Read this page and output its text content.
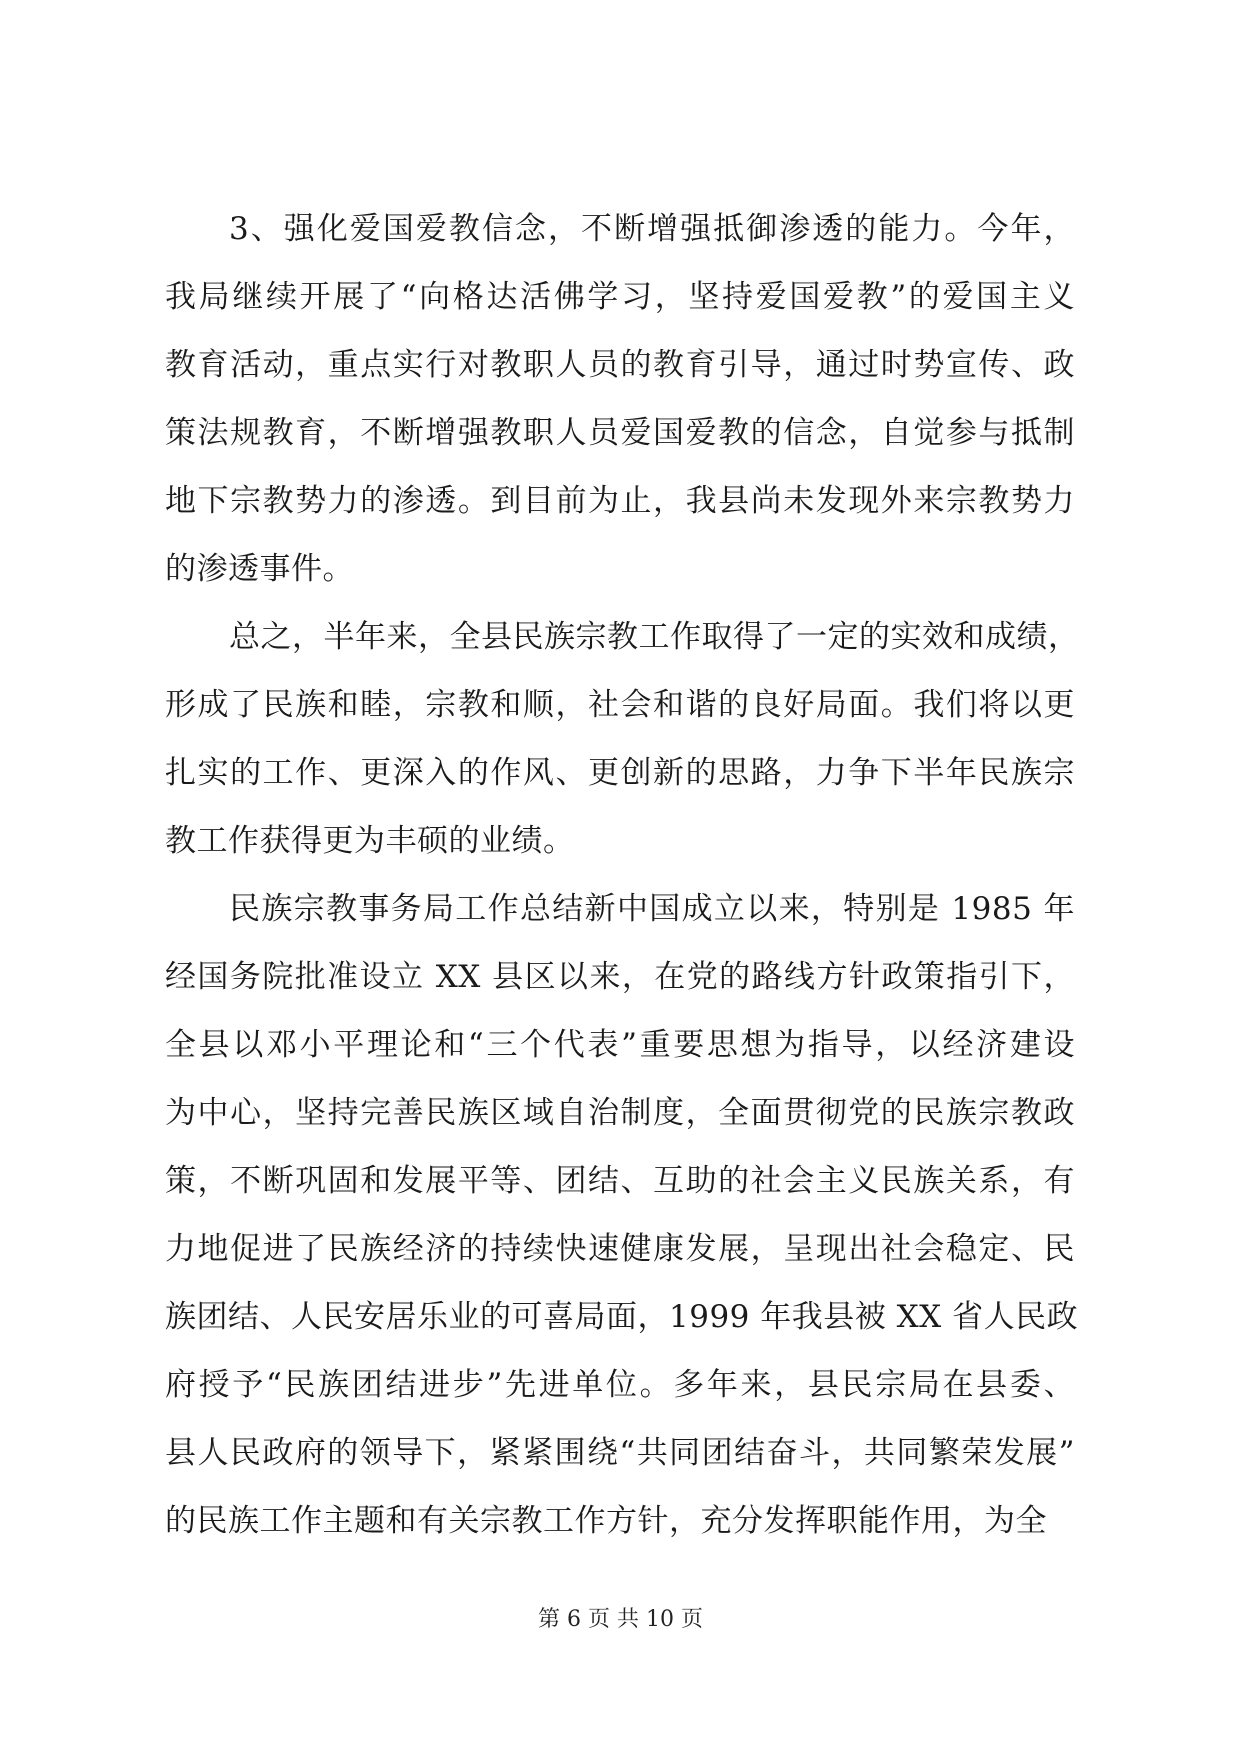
3、强化爱国爱教信念，不断增强抵御渗透的能力。今年，
我局继续开展了“向格达活佛学习，坚持爱国爱教”的爱国主义
教育活动，重点实行对教职人员的教育引导，通过时势宣传、政
策法规教育，不断增强教职人员爱国爱教的信念，自觉参与抵制
地下宗教势力的渗透。到目前为止，我县尚未发现外来宗教势力
的渗透事件。
总之，半年来，全县民族宗教工作取得了一定的实效和成绩，
形成了民族和睦，宗教和顺，社会和谐的良好局面。我们将以更
扎实的工作、更深入的作风、更创新的思路，力争下半年民族宗
教工作获得更为丰硕的业绩。
民族宗教事务局工作总结新中国成立以来，特别是 1985 年
经国务院批准设立 XX 县区以来，在党的路线方针政策指引下，
全县以邓小平理论和“三个代表”重要思想为指导，以经济建设
为中心，坚持完善民族区域自治制度，全面贯彻党的民族宗教政
策，不断巩固和发展平等、团结、互助的社会主义民族关系，有
力地促进了民族经济的持续快速健康发展，呈现出社会稳定、民
族团结、人民安居乐业的可喜局面，1999 年我县被 XX 省人民政
府授予“民族团结进步”先进单位。多年来，县民宗局在县委、
县人民政府的领导下，紧紧围绕“共同团结奋斗，共同繁荣发展”
的民族工作主题和有关宗教工作方针，充分发挥职能作用，为全
第 6 页 共 10 页
